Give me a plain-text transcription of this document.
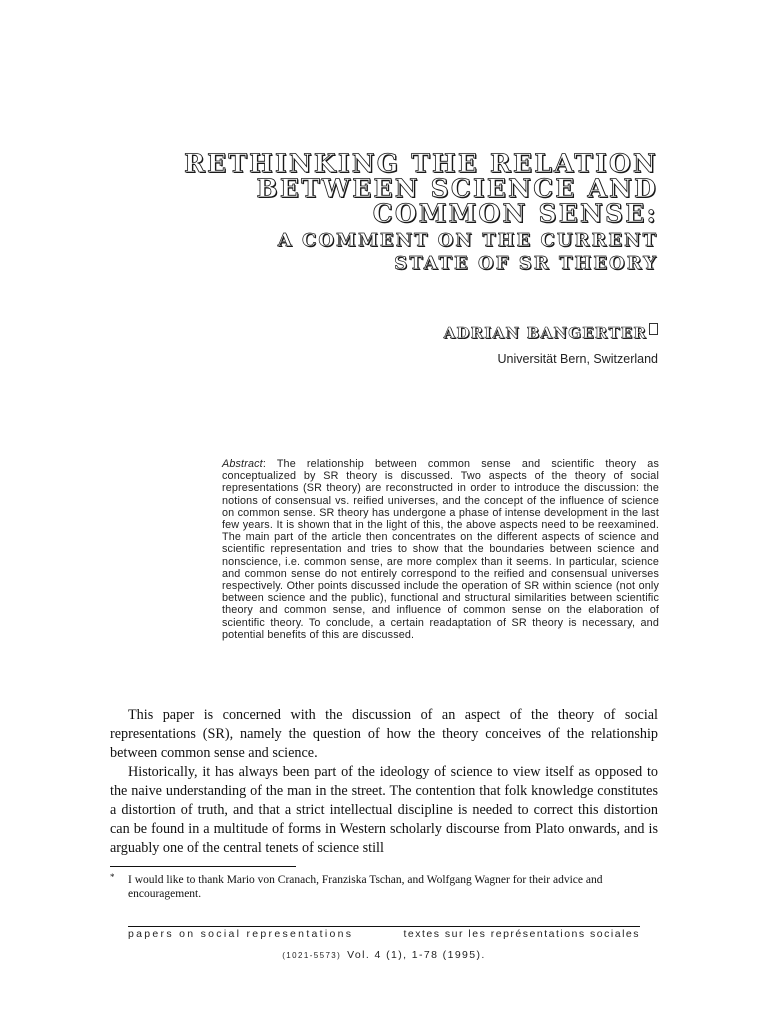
RETHINKING THE RELATION
BETWEEN SCIENCE AND
COMMON SENSE:
A COMMENT ON THE CURRENT
STATE OF SR THEORY
ADRIAN BANGERTER
Universität Bern, Switzerland
Abstract: The relationship between common sense and scientific theory as conceptualized by SR theory is discussed. Two aspects of the theory of social representations (SR theory) are reconstructed in order to introduce the discussion: the notions of consensual vs. reified universes, and the concept of the influence of science on common sense. SR theory has undergone a phase of intense development in the last few years. It is shown that in the light of this, the above aspects need to be reexamined. The main part of the article then concentrates on the different aspects of science and scientific representation and tries to show that the boundaries between science and nonscience, i.e. common sense, are more complex than it seems. In particular, science and common sense do not entirely correspond to the reified and consensual universes respectively. Other points discussed include the operation of SR within science (not only between science and the public), functional and structural similarities between scientific theory and common sense, and influence of common sense on the elaboration of scientific theory. To conclude, a certain readaptation of SR theory is necessary, and potential benefits of this are discussed.

This paper is concerned with the discussion of an aspect of the theory of social representations (SR), namely the question of how the theory conceives of the relationship between common sense and science.

Historically, it has always been part of the ideology of science to view itself as opposed to the naive understanding of the man in the street. The contention that folk knowledge constitutes a distortion of truth, and that a strict intellectual discipline is needed to correct this distortion can be found in a multitude of forms in Western scholarly discourse from Plato onwards, and is arguably one of the central tenets of science still

*	I would like to thank Mario von Cranach, Franziska Tschan, and Wolfgang Wagner for their advice and encouragement.
papers on social representations	textes sur les représentations sociales
(1021-5573) Vol. 4 (1), 1-78 (1995).
